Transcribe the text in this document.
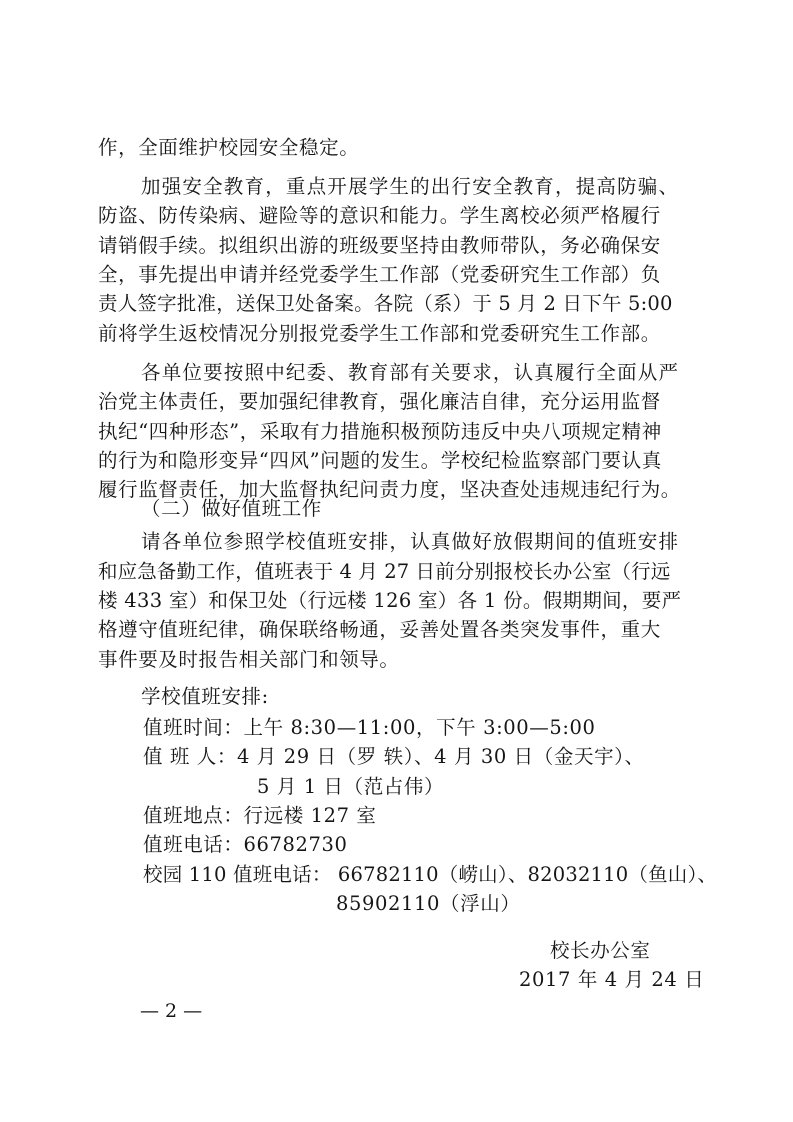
作，全面维护校园安全稳定。
加强安全教育，重点开展学生的出行安全教育，提高防骗、
防盗、防传染病、避险等的意识和能力。学生离校必须严格履行
请销假手续。拟组织出游的班级要坚持由教师带队，务必确保安
全，事先提出申请并经党委学生工作部（党委研究生工作部）负
责人签字批准，送保卫处备案。各院（系）于 5 月 2 日下午 5:00
前将学生返校情况分别报党委学生工作部和党委研究生工作部。
各单位要按照中纪委、教育部有关要求，认真履行全面从严
治党主体责任，要加强纪律教育，强化廉洁自律，充分运用监督
执纪“四种形态”，采取有力措施积极预防违反中央八项规定精神
的行为和隐形变异“四风”问题的发生。学校纪检监察部门要认真
履行监督责任，加大监督执纪问责力度，坚决查处违规违纪行为。
（二）做好值班工作
请各单位参照学校值班安排，认真做好放假期间的值班安排
和应急备勤工作，值班表于 4 月 27 日前分别报校长办公室（行远
楼 433 室）和保卫处（行远楼 126 室）各 1 份。假期期间，要严
格遵守值班纪律，确保联络畅通，妥善处置各类突发事件，重大
事件要及时报告相关部门和领导。
学校值班安排:
值班时间：上午 8:30—11:00，下午 3:00—5:00
值 班 人：4 月 29 日（罗 轶）、4 月 30 日（金天宇）、
5 月 1 日（范占伟）
值班地点：行远楼 127 室
值班电话：66782730
校园 110 值班电话： 66782110（崂山）、82032110（鱼山）、
85902110（浮山）
校长办公室
2017 年 4 月 24 日
— 2 —
